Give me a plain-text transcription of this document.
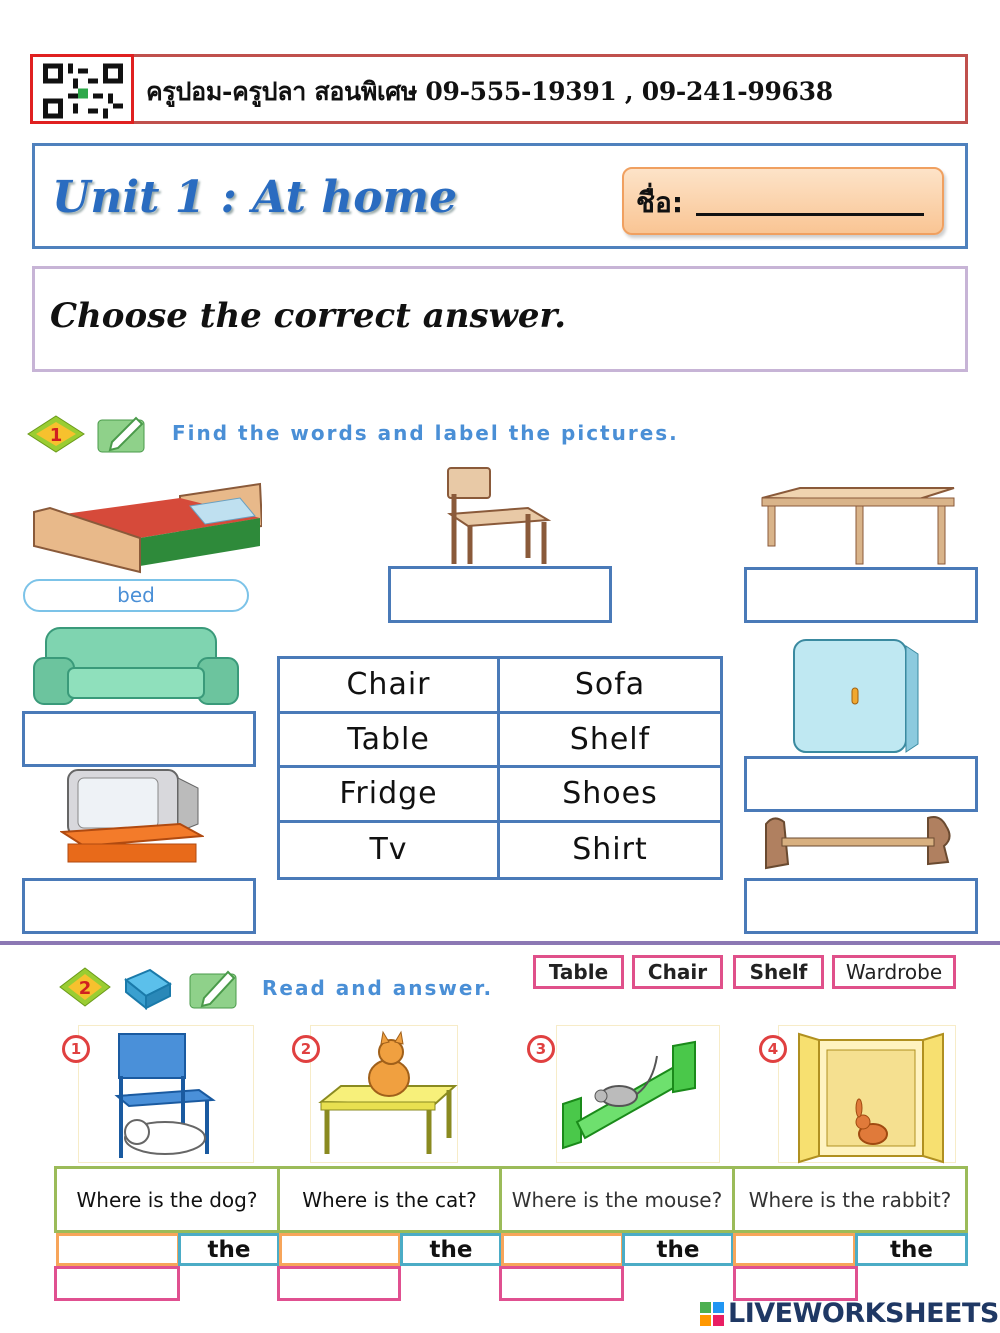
ครูปอม-ครูปลา สอนพิเศษ 09-555-19391 , 09-241-99638
Unit 1 : At home	ชื่อ:
Choose the correct answer.
1	Find the words and label the pictures.
bed
Chair	Sofa
Table	Shelf
Fridge	Shoes
Tv	Shirt
2	Read and answer.
Table	Chair	Shelf	Wardrobe
1	2	3	4
Where is the dog?	Where is the cat?	Where is the mouse?	Where is the rabbit?
the	the	the	the
LIVEWORKSHEETS
